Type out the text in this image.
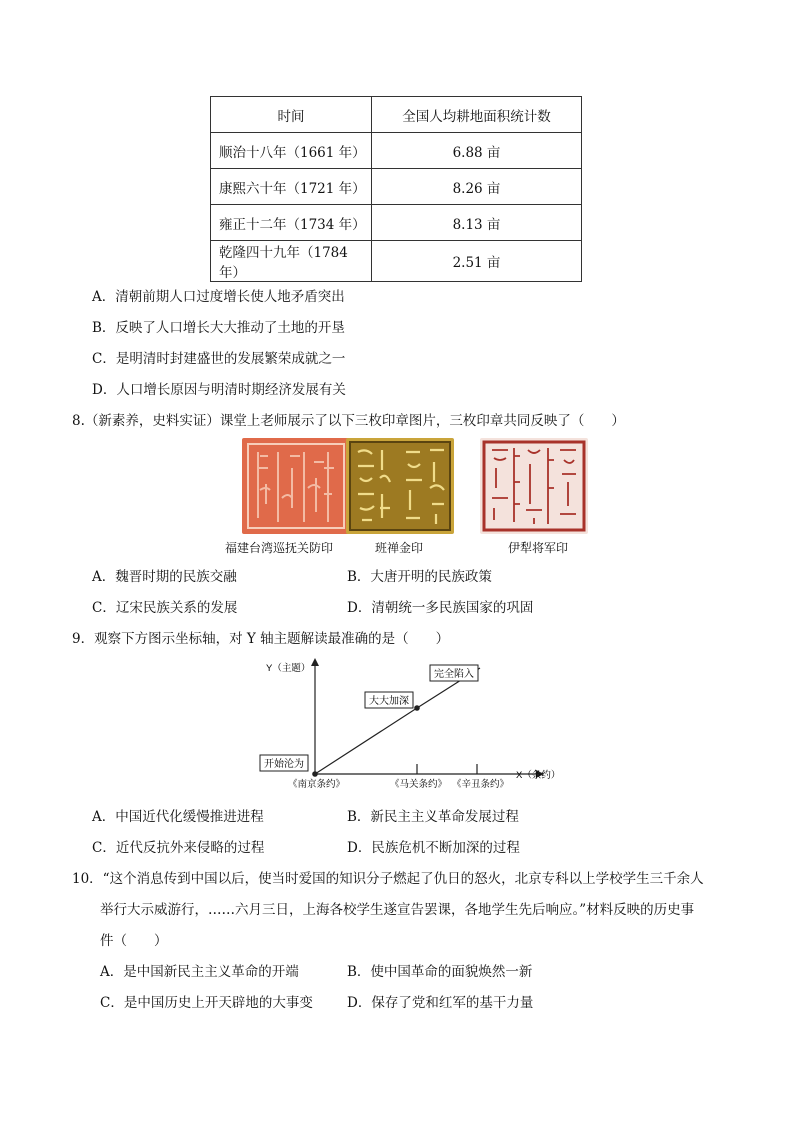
时间	全国人均耕地面积统计数
顺治十八年（1661 年）	6.88 亩
康熙六十年（1721 年）	8.26 亩
雍正十二年（1734 年）	8.13 亩
乾隆四十九年（1784 年）	2.51 亩
A．清朝前期人口过度增长使人地矛盾突出
B．反映了人口增长大大推动了土地的开垦
C．是明清时封建盛世的发展繁荣成就之一
D．人口增长原因与明清时期经济发展有关
8.（新素养，史料实证）课堂上老师展示了以下三枚印章图片，三枚印章共同反映了（　　）
福建台湾巡抚关防印	班禅金印	伊犁将军印
A．魏晋时期的民族交融	B．大唐开明的民族政策
C．辽宋民族关系的发展	D．清朝统一多民族国家的巩固
9．观察下方图示坐标轴，对 Y 轴主题解读最准确的是（　　）
Y（主题）
X（条约）
开始沦为
大大加深
完全陷入
《南京条约》	《马关条约》 《辛丑条约》
A．中国近代化缓慢推进进程	B．新民主主义革命发展过程
C．近代反抗外来侵略的过程	D．民族危机不断加深的过程
10．“这个消息传到中国以后，使当时爱国的知识分子燃起了仇日的怒火，北京专科以上学校学生三千余人
举行大示威游行，……六月三日，上海各校学生遂宣告罢课，各地学生先后响应。”材料反映的历史事
件（　　）
A．是中国新民主主义革命的开端	B．使中国革命的面貌焕然一新
C．是中国历史上开天辟地的大事变	D．保存了党和红军的基干力量
